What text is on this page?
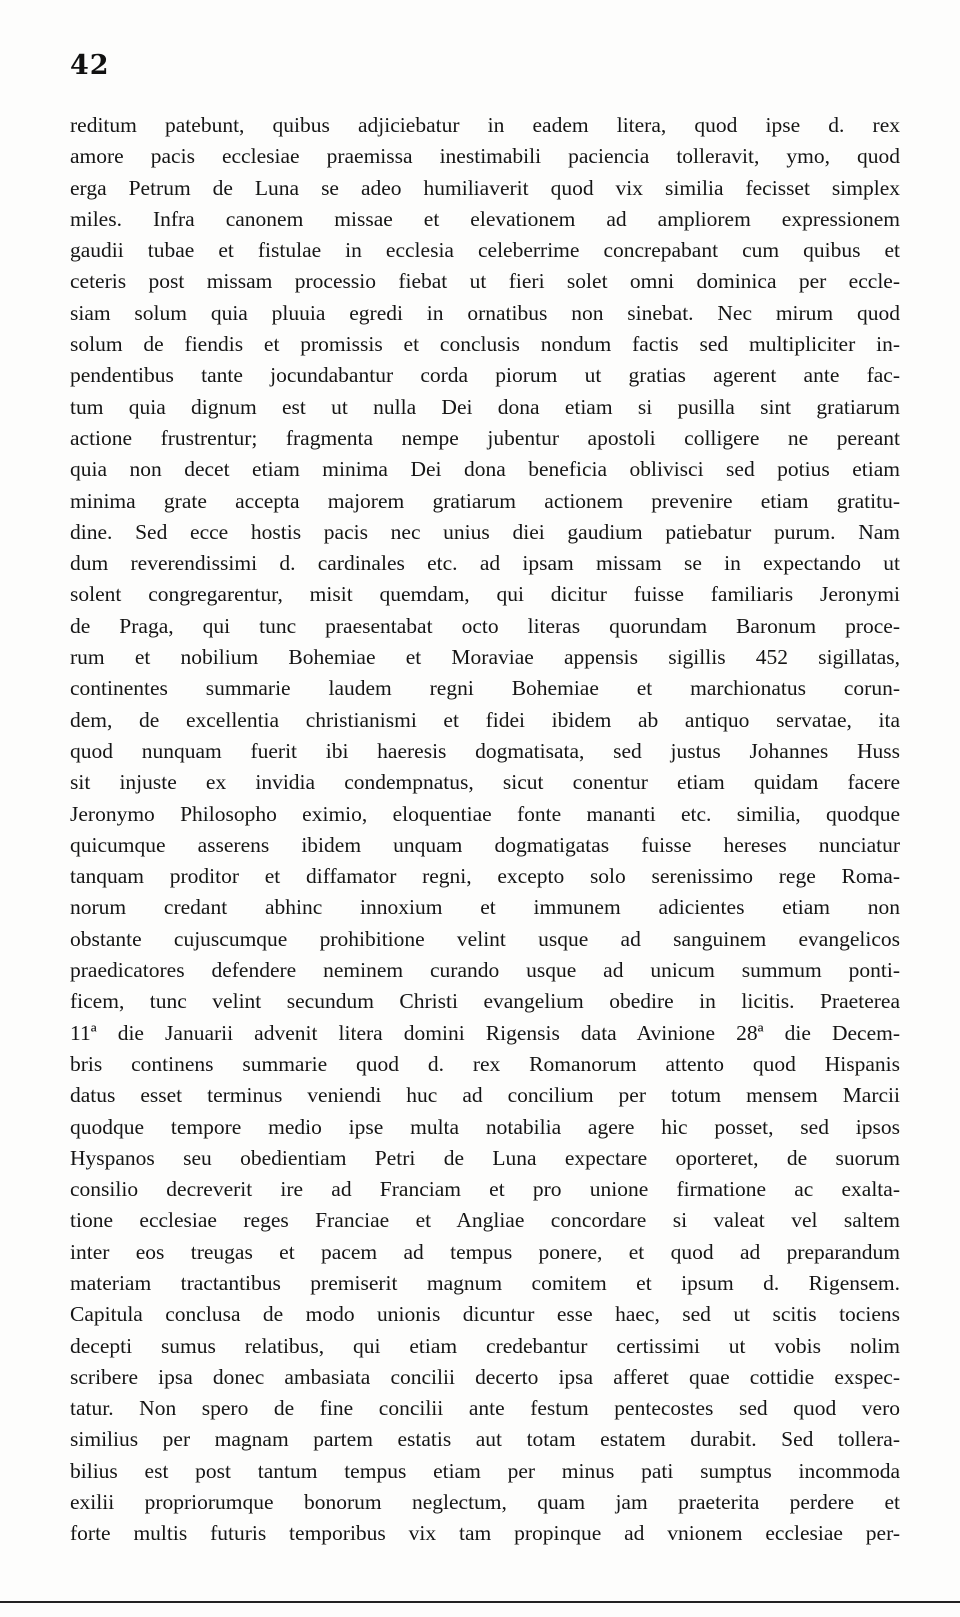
42
reditum patebunt, quibus adjiciebatur in eadem litera, quod ipse d. rex
amore pacis ecclesiae praemissa inestimabili paciencia tolleravit, ymo, quod
erga Petrum de Luna se adeo humiliaverit quod vix similia fecisset simplex
miles. Infra canonem missae et elevationem ad ampliorem expressionem
gaudii tubae et fistulae in ecclesia celeberrime concrepabant cum quibus et
ceteris post missam processio fiebat ut fieri solet omni dominica per eccle-
siam solum quia pluuia egredi in ornatibus non sinebat. Nec mirum quod
solum de fiendis et promissis et conclusis nondum factis sed multipliciter in-
pendentibus tante jocundabantur corda piorum ut gratias agerent ante fac-
tum quia dignum est ut nulla Dei dona etiam si pusilla sint gratiarum
actione frustrentur; fragmenta nempe jubentur apostoli colligere ne pereant
quia non decet etiam minima Dei dona beneficia oblivisci sed potius etiam
minima grate accepta majorem gratiarum actionem prevenire etiam gratitu-
dine. Sed ecce hostis pacis nec unius diei gaudium patiebatur purum. Nam
dum reverendissimi d. cardinales etc. ad ipsam missam se in expectando ut
solent congregarentur, misit quemdam, qui dicitur fuisse familiaris Jeronymi
de Praga, qui tunc praesentabat octo literas quorundam Baronum proce-
rum et nobilium Bohemiae et Moraviae appensis sigillis 452 sigillatas,
continentes summarie laudem regni Bohemiae et marchionatus corun-
dem, de excellentia christianismi et fidei ibidem ab antiquo servatae, ita
quod nunquam fuerit ibi haeresis dogmatisata, sed justus Johannes Huss
sit injuste ex invidia condempnatus, sicut conentur etiam quidam facere
Jeronymo Philosopho eximio, eloquentiae fonte mananti etc. similia, quodque
quicumque asserens ibidem unquam dogmatigatas fuisse hereses nunciatur
tanquam proditor et diffamator regni, excepto solo serenissimo rege Roma-
norum credant abhinc innoxium et immunem adicientes etiam non
obstante cujuscumque prohibitione velint usque ad sanguinem evangelicos
praedicatores defendere neminem curando usque ad unicum summum ponti-
ficem, tunc velint secundum Christi evangelium obedire in licitis. Praeterea
11ª die Januarii advenit litera domini Rigensis data Avinione 28ª die Decem-
bris continens summarie quod d. rex Romanorum attento quod Hispanis
datus esset terminus veniendi huc ad concilium per totum mensem Marcii
quodque tempore medio ipse multa notabilia agere hic posset, sed ipsos
Hyspanos seu obedientiam Petri de Luna expectare oporteret, de suorum
consilio decreverit ire ad Franciam et pro unione firmatione ac exalta-
tione ecclesiae reges Franciae et Angliae concordare si valeat vel saltem
inter eos treugas et pacem ad tempus ponere, et quod ad preparandum
materiam tractantibus premiserit magnum comitem et ipsum d. Rigensem.
Capitula conclusa de modo unionis dicuntur esse haec, sed ut scitis tociens
decepti sumus relatibus, qui etiam credebantur certissimi ut vobis nolim
scribere ipsa donec ambasiata concilii decerto ipsa afferet quae cottidie exspec-
tatur. Non spero de fine concilii ante festum pentecostes sed quod vero
similius per magnam partem estatis aut totam estatem durabit. Sed tollera-
bilius est post tantum tempus etiam per minus pati sumptus incommoda
exilii propriorumque bonorum neglectum, quam jam praeterita perdere et
forte multis futuris temporibus vix tam propinque ad vnionem ecclesiae per-
